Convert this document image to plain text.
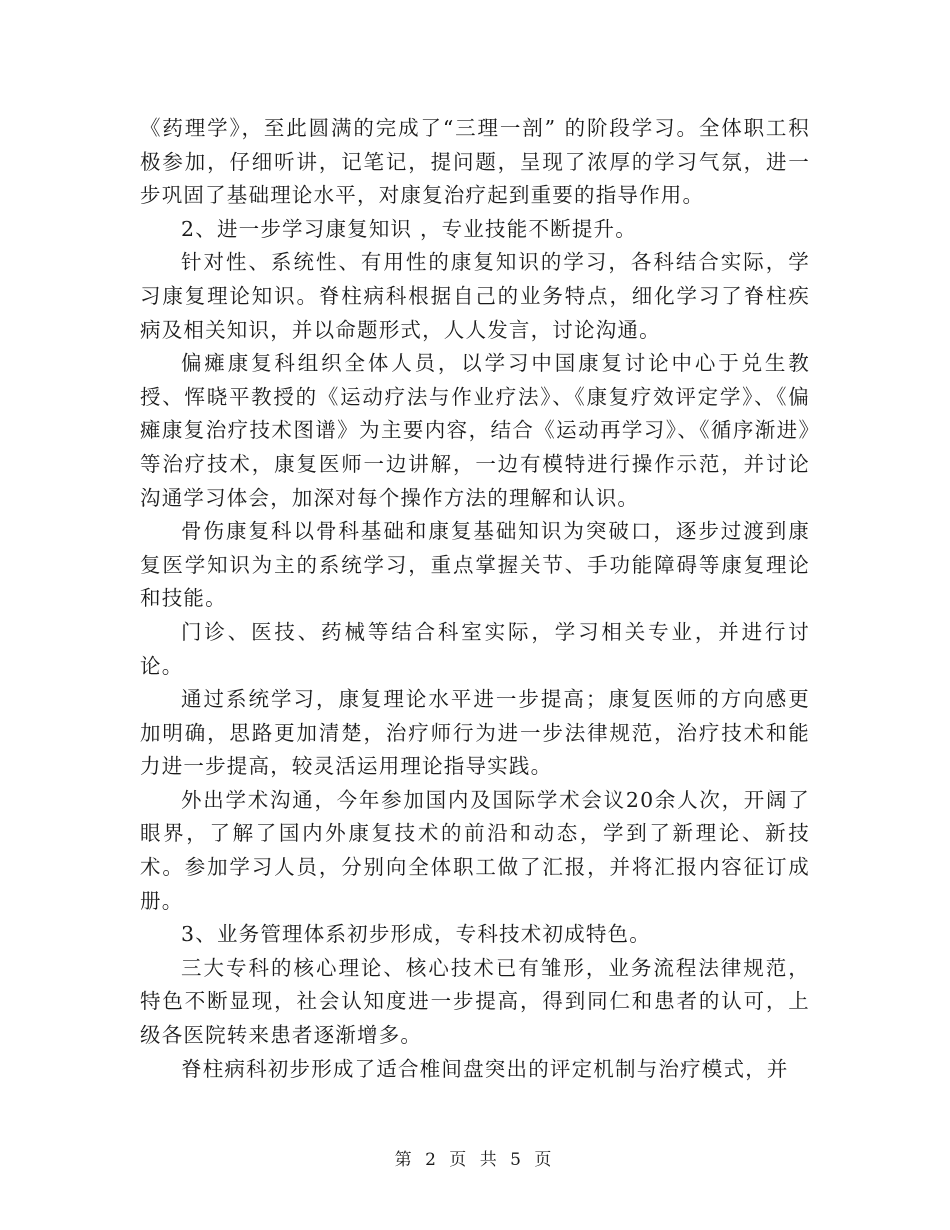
《药理学》，至此圆满的完成了“三理一剖” 的阶段学习。全体职工积极参加，仔细听讲，记笔记，提问题，呈现了浓厚的学习气氛，进一步巩固了基础理论水平，对康复治疗起到重要的指导作用。

2、进一步学习康复知识 ，专业技能不断提升。

针对性、系统性、有用性的康复知识的学习，各科结合实际，学习康复理论知识。脊柱病科根据自己的业务特点，细化学习了脊柱疾病及相关知识，并以命题形式，人人发言，讨论沟通。

偏瘫康复科组织全体人员，以学习中国康复讨论中心于兑生教授、恽晓平教授的《运动疗法与作业疗法》、《康复疗效评定学》、《偏瘫康复治疗技术图谱》为主要内容，结合《运动再学习》、《循序渐进》等治疗技术，康复医师一边讲解，一边有模特进行操作示范，并讨论沟通学习体会，加深对每个操作方法的理解和认识。

骨伤康复科以骨科基础和康复基础知识为突破口，逐步过渡到康复医学知识为主的系统学习，重点掌握关节、手功能障碍等康复理论和技能。

门诊、医技、药械等结合科室实际，学习相关专业，并进行讨论。

通过系统学习，康复理论水平进一步提高；康复医师的方向感更加明确，思路更加清楚，治疗师行为进一步法律规范，治疗技术和能力进一步提高，较灵活运用理论指导实践。

外出学术沟通，今年参加国内及国际学术会议20余人次，开阔了眼界，了解了国内外康复技术的前沿和动态，学到了新理论、新技术。参加学习人员，分别向全体职工做了汇报，并将汇报内容征订成册。

3、业务管理体系初步形成，专科技术初成特色。

三大专科的核心理论、核心技术已有雏形，业务流程法律规范，特色不断显现，社会认知度进一步提高，得到同仁和患者的认可，上级各医院转来患者逐渐增多。

脊柱病科初步形成了适合椎间盘突出的评定机制与治疗模式，并

第 2 页 共 5 页
